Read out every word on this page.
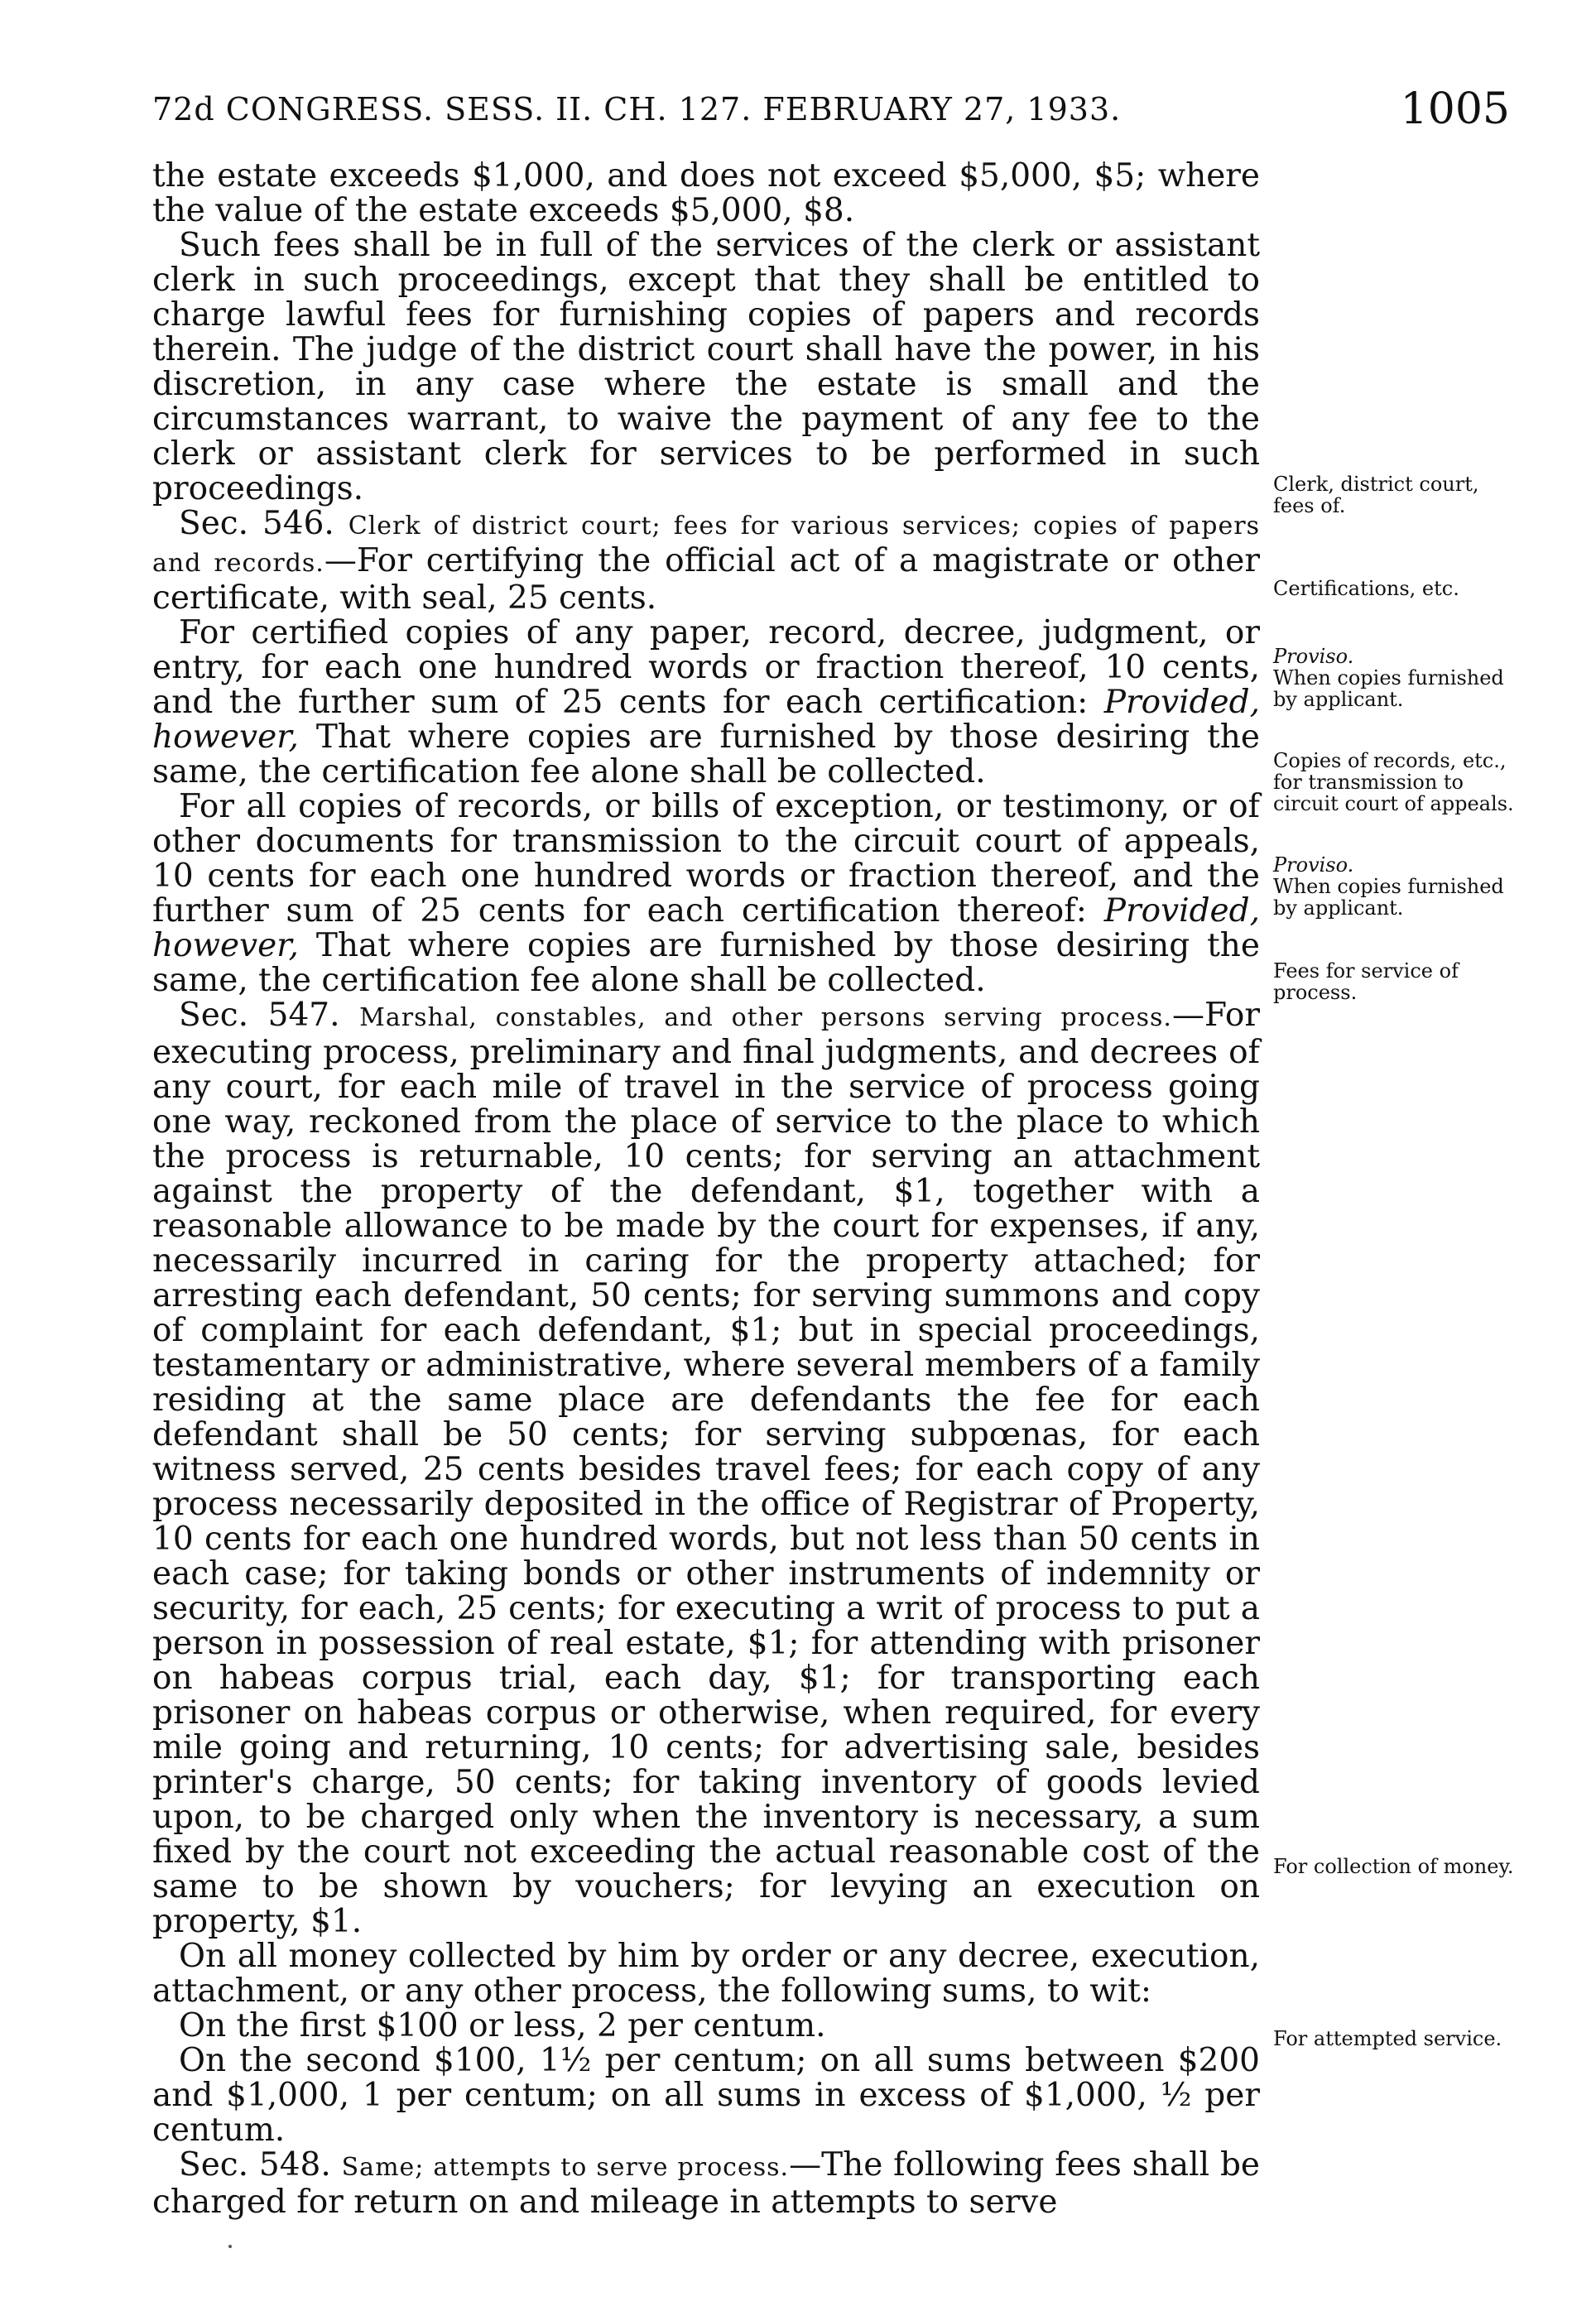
72d CONGRESS. SESS. II. CH. 127. FEBRUARY 27, 1933.	1005

the estate exceeds $1,000, and does not exceed $5,000, $5; where the value of the estate exceeds $5,000, $8.

Such fees shall be in full of the services of the clerk or assistant clerk in such proceedings, except that they shall be entitled to charge lawful fees for furnishing copies of papers and records therein. The judge of the district court shall have the power, in his discretion, in any case where the estate is small and the circumstances warrant, to waive the payment of any fee to the clerk or assistant clerk for services to be performed in such proceedings.

Sec. 546. Clerk of district court; fees for various services; copies of papers and records.—For certifying the official act of a magistrate or other certificate, with seal, 25 cents.

For certified copies of any paper, record, decree, judgment, or entry, for each one hundred words or fraction thereof, 10 cents, and the further sum of 25 cents for each certification: Provided, however, That where copies are furnished by those desiring the same, the certification fee alone shall be collected.

For all copies of records, or bills of exception, or testimony, or of other documents for transmission to the circuit court of appeals, 10 cents for each one hundred words or fraction thereof, and the further sum of 25 cents for each certification thereof: Provided, however, That where copies are furnished by those desiring the same, the certification fee alone shall be collected.

Sec. 547. Marshal, constables, and other persons serving process.—For executing process, preliminary and final judgments, and decrees of any court, for each mile of travel in the service of process going one way, reckoned from the place of service to the place to which the process is returnable, 10 cents; for serving an attachment against the property of the defendant, $1, together with a reasonable allowance to be made by the court for expenses, if any, necessarily incurred in caring for the property attached; for arresting each defendant, 50 cents; for serving summons and copy of complaint for each defendant, $1; but in special proceedings, testamentary or administrative, where several members of a family residing at the same place are defendants the fee for each defendant shall be 50 cents; for serving subpœnas, for each witness served, 25 cents besides travel fees; for each copy of any process necessarily deposited in the office of Registrar of Property, 10 cents for each one hundred words, but not less than 50 cents in each case; for taking bonds or other instruments of indemnity or security, for each, 25 cents; for executing a writ of process to put a person in possession of real estate, $1; for attending with prisoner on habeas corpus trial, each day, $1; for transporting each prisoner on habeas corpus or otherwise, when required, for every mile going and returning, 10 cents; for advertising sale, besides printer's charge, 50 cents; for taking inventory of goods levied upon, to be charged only when the inventory is necessary, a sum fixed by the court not exceeding the actual reasonable cost of the same to be shown by vouchers; for levying an execution on property, $1.

On all money collected by him by order or any decree, execution, attachment, or any other process, the following sums, to wit:

On the first $100 or less, 2 per centum.

On the second $100, 1½ per centum; on all sums between $200 and $1,000, 1 per centum; on all sums in excess of $1,000, ½ per centum.

Sec. 548. Same; attempts to serve process.—The following fees shall be charged for return on and mileage in attempts to serve

Clerk, district court, fees of.
Certifications, etc.
Proviso.
When copies furnished by applicant.
Copies of records, etc., for transmission to circuit court of appeals.
Proviso.
When copies furnished by applicant.
Fees for service of process.
For collection of money.
For attempted service.
